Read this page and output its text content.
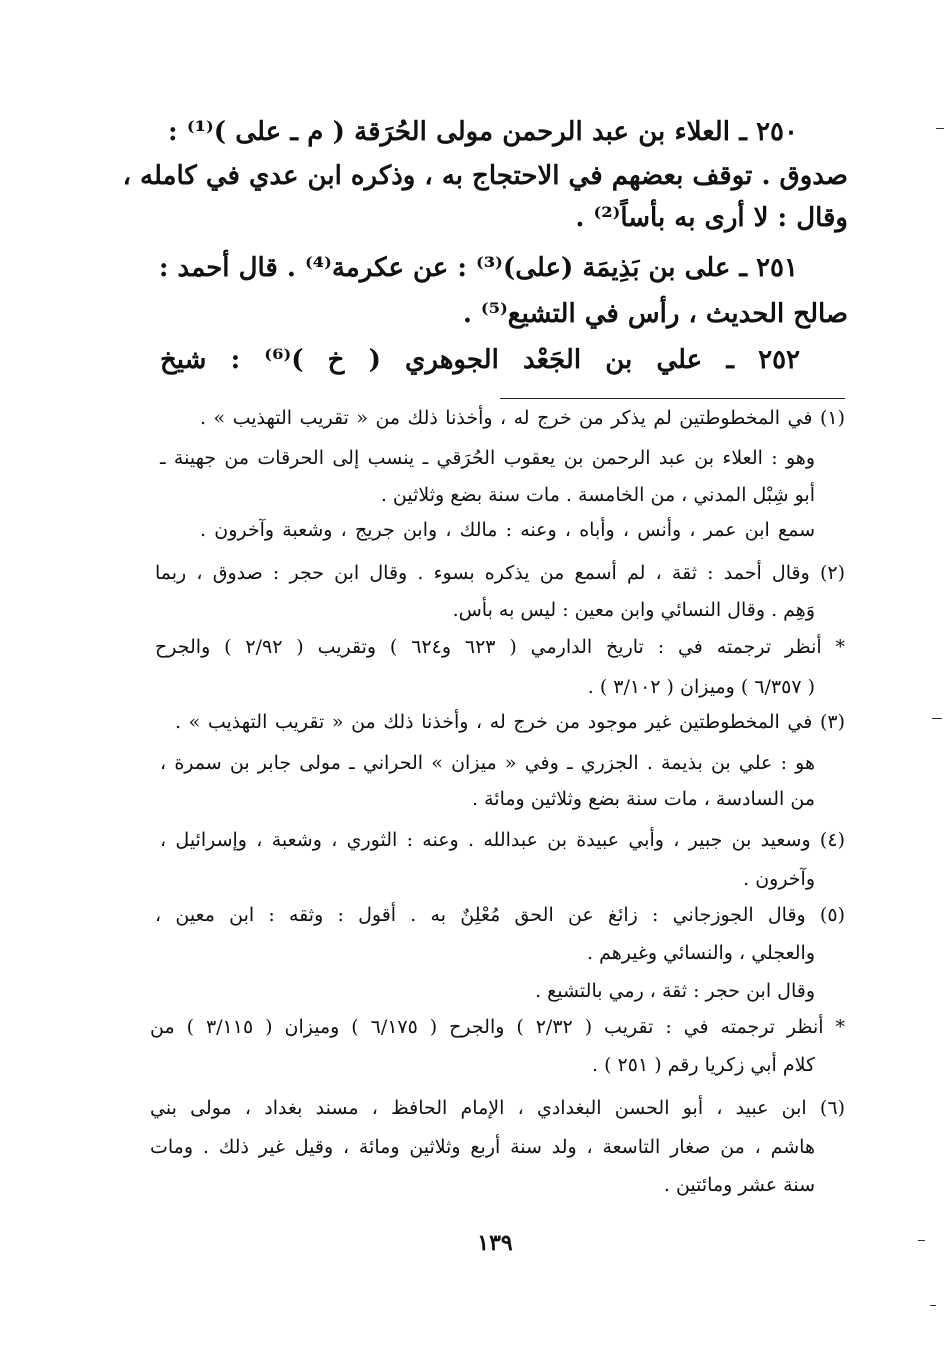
٢٥٠ ـ العلاء بن عبد الرحمن مولى الحُرَقة ( م ـ على )⁽¹⁾ :
صدوق . توقف بعضهم في الاحتجاج به ، وذكره ابن عدي في كامله ،
وقال : لا أرى به بأساً⁽²⁾ .
٢٥١ ـ على بن بَذِيمَة (على)⁽³⁾ : عن عكرمة⁽⁴⁾ . قال أحمد :
صالح الحديث ، رأس في التشيع⁽⁵⁾ .
٢٥٢ ـ علي بن الجَعْد الجوهري ( خ )⁽⁶⁾ : شيخ
(١) في المخطوطتين لم يذكر من خرج له ، وأخذنا ذلك من « تقريب التهذيب » .
وهو : العلاء بن عبد الرحمن بن يعقوب الحُرَقي ـ ينسب إلى الحرقات من جهينة ـ
أبو شِبْل المدني ، من الخامسة . مات سنة بضع وثلاثين .
سمع ابن عمر ، وأنس ، وأباه ، وعنه : مالك ، وابن جريج ، وشعبة وآخرون .
(٢) وقال أحمد : ثقة ، لم أسمع من يذكره بسوء . وقال ابن حجر : صدوق ، ربما
وَهِم . وقال النسائي وابن معين : ليس به بأس.
* أنظر ترجمته في : تاريخ الدارمي ( ٦٢٣ و٦٢٤ ) وتقريب ( ٢/٩٢ ) والجرح
( ٦/٣٥٧ ) وميزان ( ٣/١٠٢ ) .
(٣) في المخطوطتين غير موجود من خرج له ، وأخذنا ذلك من « تقريب التهذيب » .
هو : علي بن بذيمة . الجزري ـ وفي « ميزان » الحراني ـ مولى جابر بن سمرة ،
من السادسة ، مات سنة بضع وثلاثين ومائة .
(٤) وسعيد بن جبير ، وأبي عبيدة بن عبدالله . وعنه : الثوري ، وشعبة ، وإسرائيل ،
وآخرون .
(٥) وقال الجوزجاني : زائغ عن الحق مُعْلِنٌ به . أقول : وثقه : ابن معين ،
والعجلي ، والنسائي وغيرهم .
وقال ابن حجر : ثقة ، رمي بالتشيع .
* أنظر ترجمته في : تقريب ( ٢/٣٢ ) والجرح ( ٦/١٧٥ ) وميزان ( ٣/١١٥ ) من
كلام أبي زكريا رقم ( ٢٥١ ) .
(٦) ابن عبيد ، أبو الحسن البغدادي ، الإمام الحافظ ، مسند بغداد ، مولى بني
هاشم ، من صغار التاسعة ، ولد سنة أربع وثلاثين ومائة ، وقيل غير ذلك . ومات
سنة عشر ومائتين .
١٣٩
